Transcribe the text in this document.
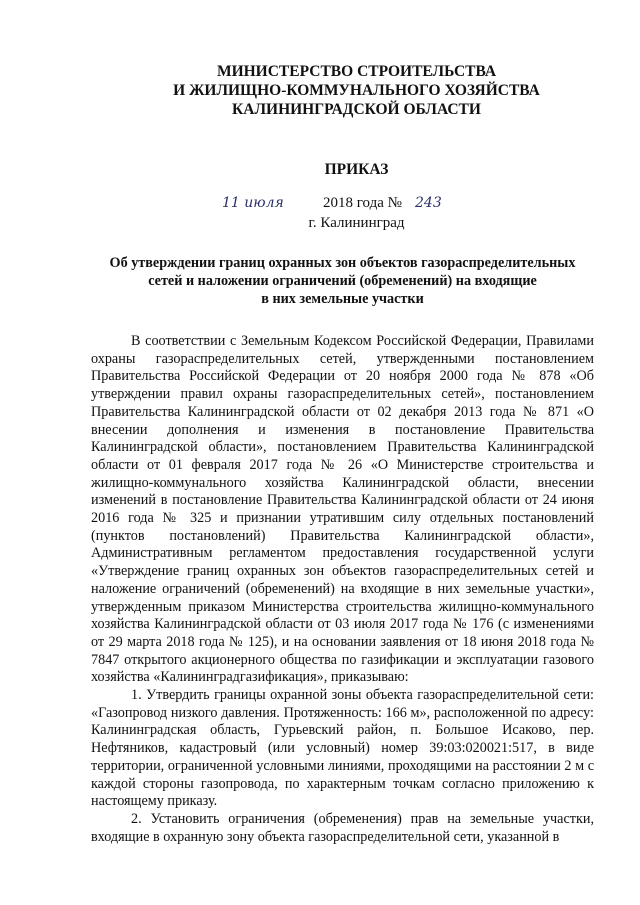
МИНИСТЕРСТВО СТРОИТЕЛЬСТВА
И ЖИЛИЩНО-КОММУНАЛЬНОГО ХОЗЯЙСТВА
КАЛИНИНГРАДСКОЙ ОБЛАСТИ
ПРИКАЗ
11 июля	2018 года № 243
г. Калининград
Об утверждении границ охранных зон объектов газораспределительных
сетей и наложении ограничений (обременений) на входящие
в них земельные участки

В соответствии с Земельным Кодексом Российской Федерации, Правилами охраны газораспределительных сетей, утвержденными постановлением Правительства Российской Федерации от 20 ноября 2000 года № 878 «Об утверждении правил охраны газораспределительных сетей», постановлением Правительства Калининградской области от 02 декабря 2013 года № 871 «О внесении дополнения и изменения в постановление Правительства Калининградской области», постановлением Правительства Калининградской области от 01 февраля 2017 года № 26 «О Министерстве строительства и жилищно-коммунального хозяйства Калининградской области, внесении изменений в постановление Правительства Калининградской области от 24 июня 2016 года № 325 и признании утратившим силу отдельных постановлений (пунктов постановлений) Правительства Калининградской области», Административным регламентом предоставления государственной услуги «Утверждение границ охранных зон объектов газораспределительных сетей и наложение ограничений (обременений) на входящие в них земельные участки», утвержденным приказом Министерства строительства жилищно-коммунального хозяйства Калининградской области от 03 июля 2017 года № 176 (с изменениями от 29 марта 2018 года № 125), и на основании заявления от 18 июня 2018 года № 7847 открытого акционерного общества по газификации и эксплуатации газового хозяйства «Калининградгазификация», приказываю:

1. Утвердить границы охранной зоны объекта газораспределительной сети: «Газопровод низкого давления. Протяженность: 166 м», расположенной по адресу: Калининградская область, Гурьевский район, п. Большое Исаково, пер. Нефтяников, кадастровый (или условный) номер 39:03:020021:517, в виде территории, ограниченной условными линиями, проходящими на расстоянии 2 м с каждой стороны газопровода, по характерным точкам согласно приложению к настоящему приказу.

2. Установить ограничения (обременения) прав на земельные участки, входящие в охранную зону объекта газораспределительной сети, указанной в
